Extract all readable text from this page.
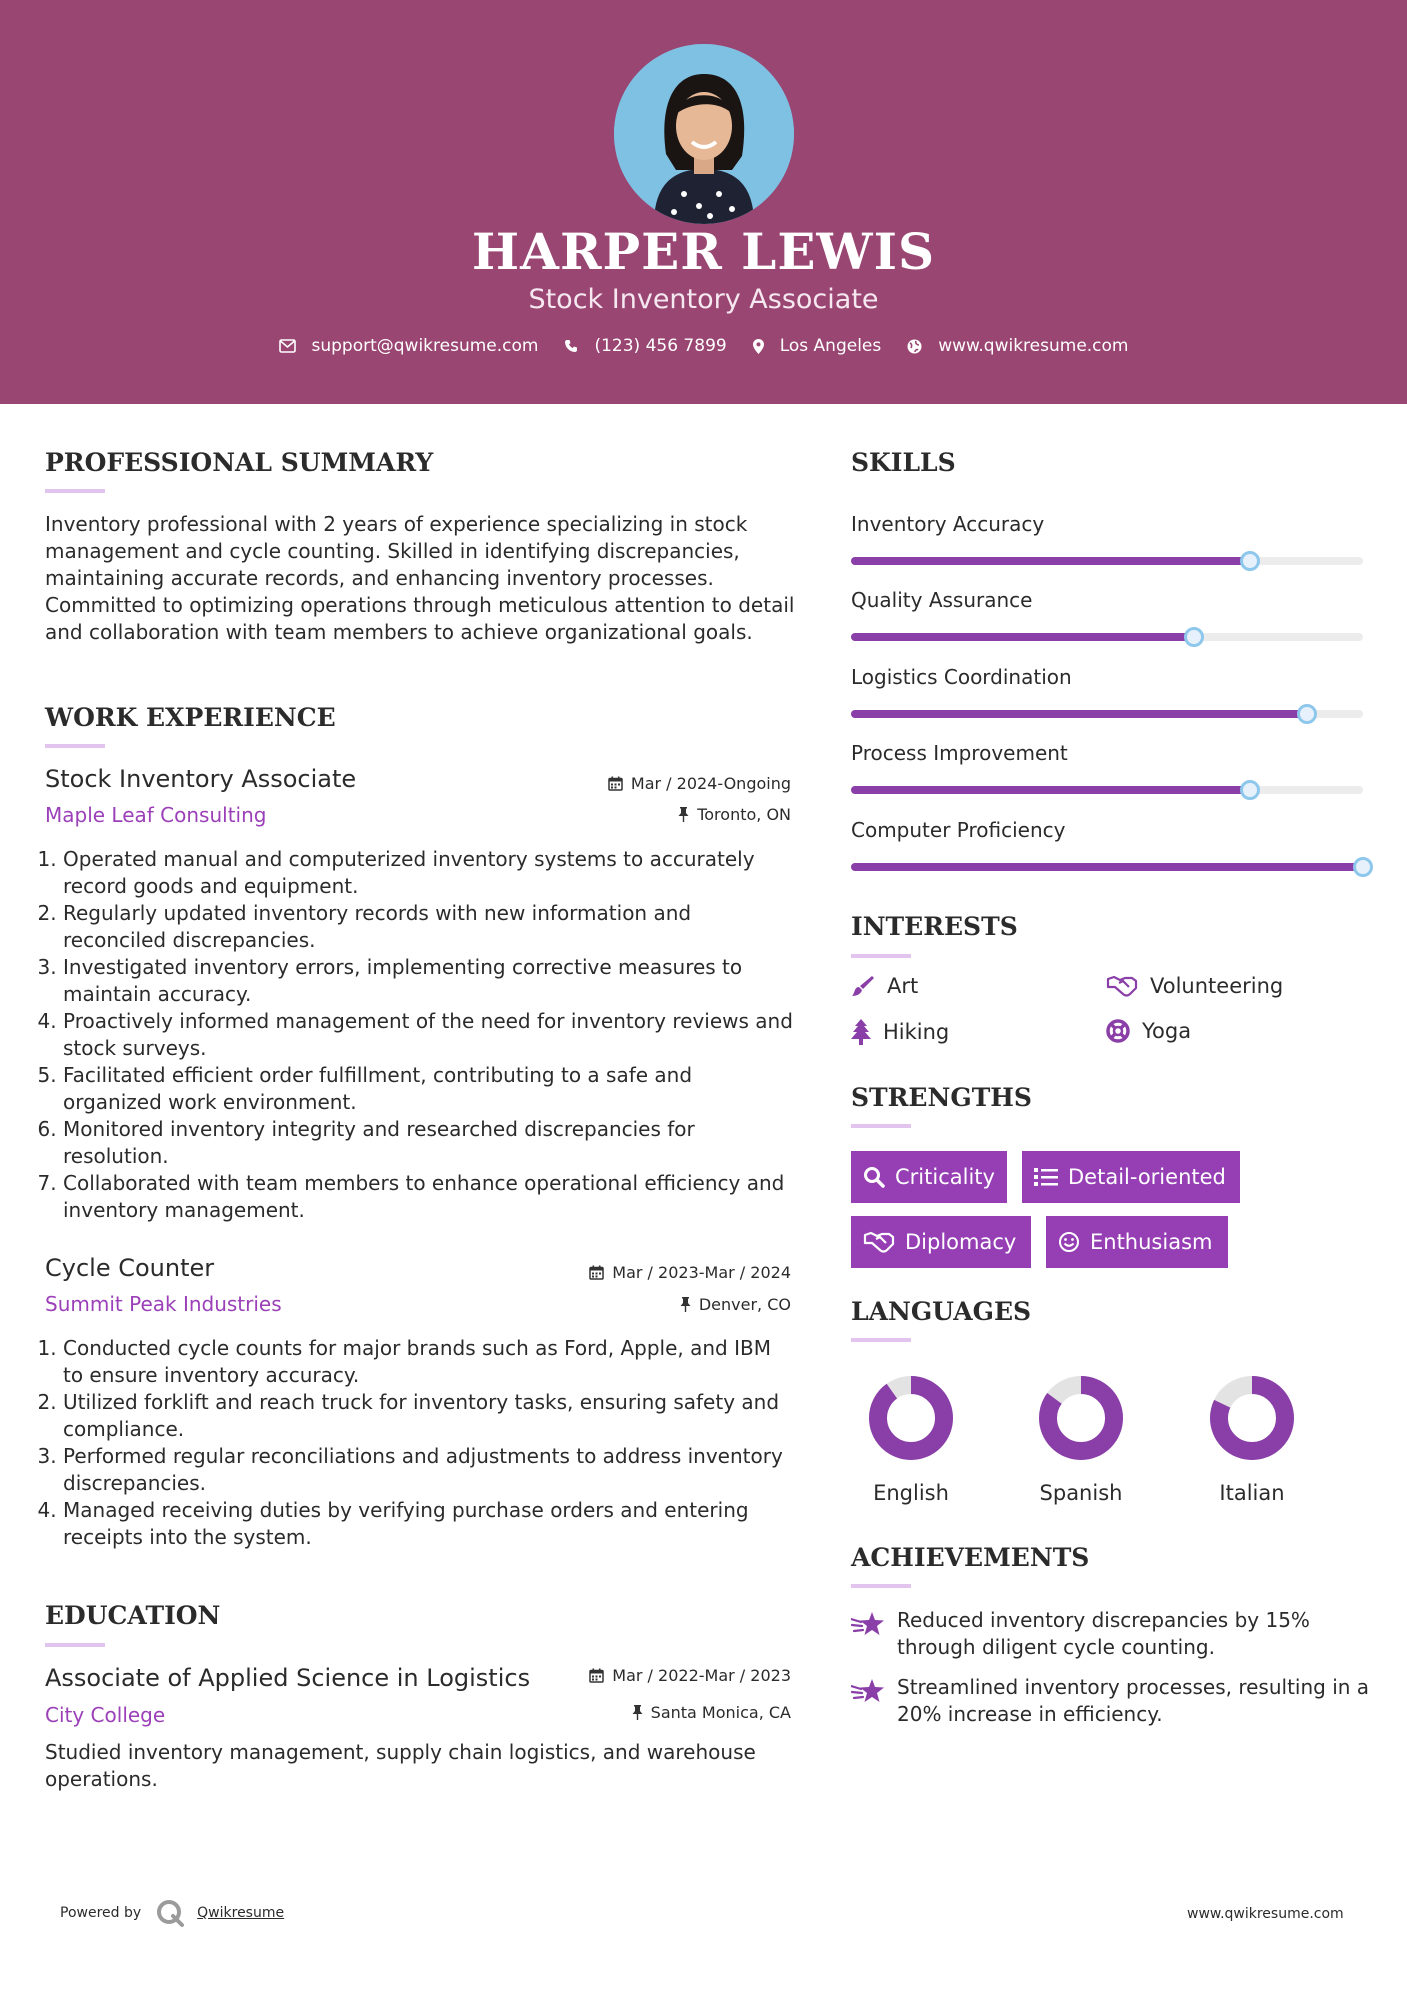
HARPER LEWIS
Stock Inventory Associate
support@qwikresume.com	(123) 456 7899	Los Angeles	www.qwikresume.com
PROFESSIONAL SUMMARY
Inventory professional with 2 years of experience specializing in stock management and cycle counting. Skilled in identifying discrepancies, maintaining accurate records, and enhancing inventory processes. Committed to optimizing operations through meticulous attention to detail and collaboration with team members to achieve organizational goals.
WORK EXPERIENCE
Stock Inventory Associate
Maple Leaf Consulting
Mar / 2024-Ongoing
Toronto, ON
1. Operated manual and computerized inventory systems to accurately record goods and equipment.
2. Regularly updated inventory records with new information and reconciled discrepancies.
3. Investigated inventory errors, implementing corrective measures to maintain accuracy.
4. Proactively informed management of the need for inventory reviews and stock surveys.
5. Facilitated efficient order fulfillment, contributing to a safe and organized work environment.
6. Monitored inventory integrity and researched discrepancies for resolution.
7. Collaborated with team members to enhance operational efficiency and inventory management.
Cycle Counter
Summit Peak Industries
Mar / 2023-Mar / 2024
Denver, CO
1. Conducted cycle counts for major brands such as Ford, Apple, and IBM to ensure inventory accuracy.
2. Utilized forklift and reach truck for inventory tasks, ensuring safety and compliance.
3. Performed regular reconciliations and adjustments to address inventory discrepancies.
4. Managed receiving duties by verifying purchase orders and entering receipts into the system.
EDUCATION
Associate of Applied Science in Logistics
City College
Mar / 2022-Mar / 2023
Santa Monica, CA
Studied inventory management, supply chain logistics, and warehouse operations.
SKILLS
Inventory Accuracy
Quality Assurance
Logistics Coordination
Process Improvement
Computer Proficiency
INTERESTS
Art	Volunteering
Hiking	Yoga
STRENGTHS
Criticality	Detail-oriented
Diplomacy	Enthusiasm
LANGUAGES
English	Spanish	Italian
ACHIEVEMENTS
Reduced inventory discrepancies by 15% through diligent cycle counting.
Streamlined inventory processes, resulting in a 20% increase in efficiency.
Powered by	Qwikresume	www.qwikresume.com
